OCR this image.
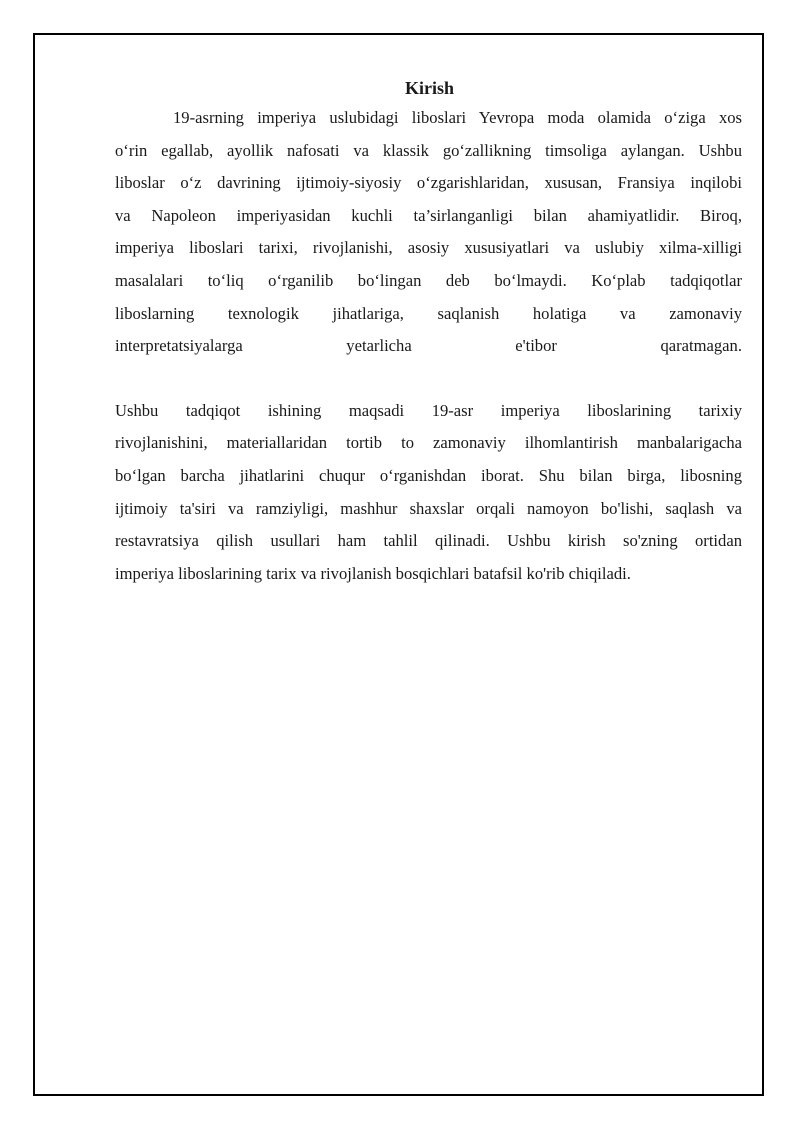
Kirish

19-asrning imperiya uslubidagi liboslari Yevropa moda olamida o‘ziga xos

o‘rin egallab, ayollik nafosati va klassik go‘zallikning timsoliga aylangan. Ushbu

liboslar o‘z davrining ijtimoiy-siyosiy o‘zgarishlaridan, xususan, Fransiya inqilobi

va Napoleon imperiyasidan kuchli ta’sirlanganligi bilan ahamiyatlidir. Biroq,

imperiya liboslari tarixi, rivojlanishi, asosiy xususiyatlari va uslubiy xilma-xilligi

masalalari to‘liq o‘rganilib bo‘lingan deb bo‘lmaydi. Ko‘plab tadqiqotlar

liboslarning texnologik jihatlariga, saqlanish holatiga va zamonaviy

interpretatsiyalarga yetarlicha e'tibor qaratmagan.

Ushbu tadqiqot ishining maqsadi 19-asr imperiya liboslarining tarixiy

rivojlanishini, materiallaridan tortib to zamonaviy ilhomlantirish manbalarigacha

bo‘lgan barcha jihatlarini chuqur o‘rganishdan iborat. Shu bilan birga, libosning

ijtimoiy ta'siri va ramziyligi, mashhur shaxslar orqali namoyon bo'lishi, saqlash va

restavratsiya qilish usullari ham tahlil qilinadi. Ushbu kirish so'zning ortidan

imperiya liboslarining tarix va rivojlanish bosqichlari batafsil ko'rib chiqiladi.
